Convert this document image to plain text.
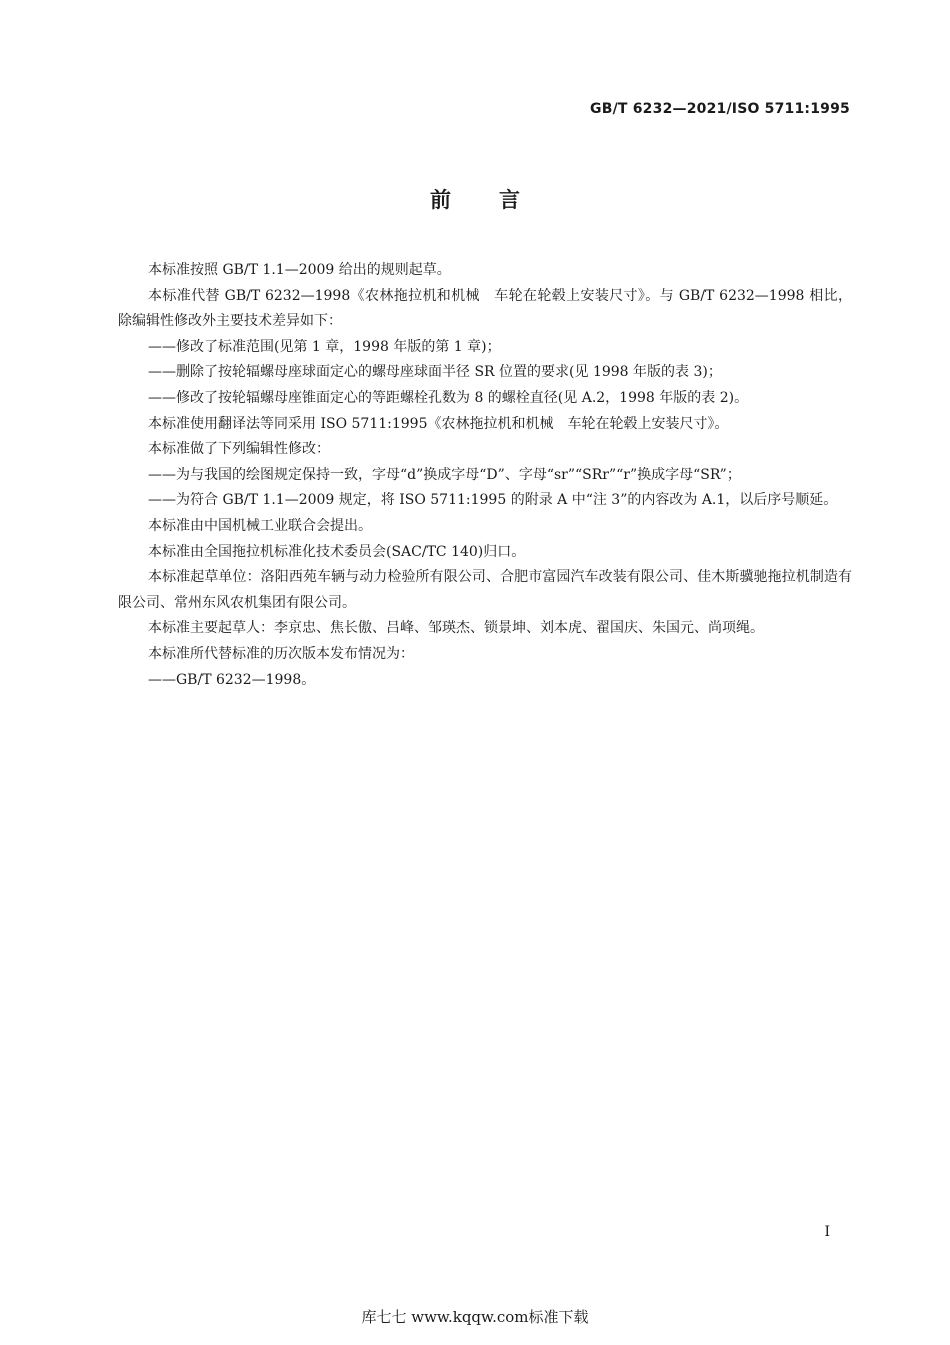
GB/T 6232—2021/ISO 5711:1995
前 言

本标准按照 GB/T 1.1—2009 给出的规则起草。

本标准代替 GB/T 6232—1998《农林拖拉机和机械　车轮在轮毂上安装尺寸》。与 GB/T 6232—1998 相比，除编辑性修改外主要技术差异如下：

——修改了标准范围(见第 1 章，1998 年版的第 1 章)；

——删除了按轮辐螺母座球面定心的螺母座球面半径 SR 位置的要求(见 1998 年版的表 3)；

——修改了按轮辐螺母座锥面定心的等距螺栓孔数为 8 的螺栓直径(见 A.2，1998 年版的表 2)。

本标准使用翻译法等同采用 ISO 5711:1995《农林拖拉机和机械　车轮在轮毂上安装尺寸》。

本标准做了下列编辑性修改：

——为与我国的绘图规定保持一致，字母“d”换成字母“D”、字母“sr”“SRr”“r”换成字母“SR”；

——为符合 GB/T 1.1—2009 规定，将 ISO 5711:1995 的附录 A 中“注 3”的内容改为 A.1，以后序号顺延。

本标准由中国机械工业联合会提出。

本标准由全国拖拉机标准化技术委员会(SAC/TC 140)归口。

本标准起草单位：洛阳西苑车辆与动力检验所有限公司、合肥市富园汽车改装有限公司、佳木斯骥驰拖拉机制造有限公司、常州东风农机集团有限公司。

本标准主要起草人：李京忠、焦长傲、吕峰、邹瑛杰、锁景坤、刘本虎、翟国庆、朱国元、尚项绳。

本标准所代替标准的历次版本发布情况为：

——GB/T 6232—1998。

I
库七七 www.kqqw.com标准下载
